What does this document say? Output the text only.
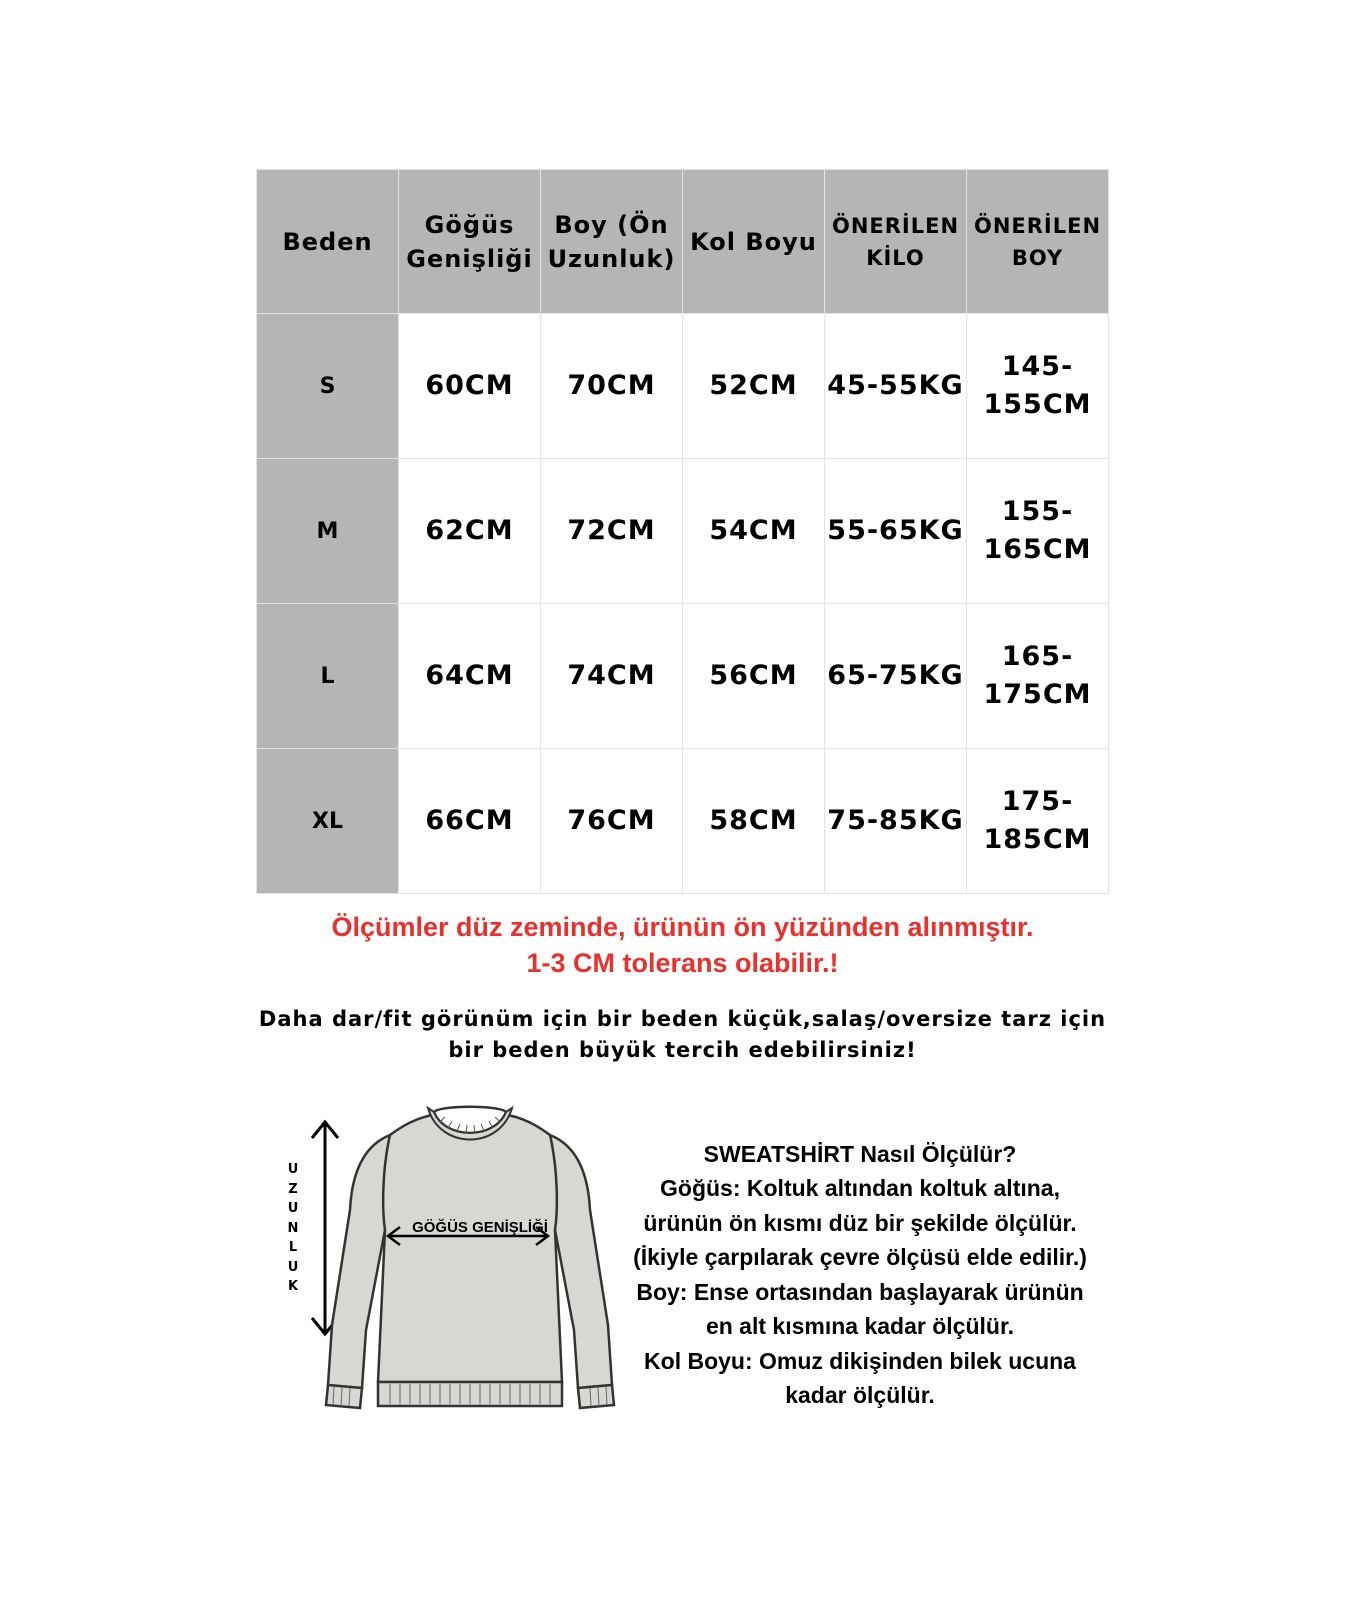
Beden	Göğüs Genişliği	Boy (Ön Uzunluk)	Kol Boyu	ÖNERİLEN KİLO	ÖNERİLEN BOY
S	60CM	70CM	52CM	45-55KG	145-155CM
M	62CM	72CM	54CM	55-65KG	155-165CM
L	64CM	74CM	56CM	65-75KG	165-175CM
XL	66CM	76CM	58CM	75-85KG	175-185CM
Ölçümler düz zeminde, ürünün ön yüzünden alınmıştır.
1-3 CM tolerans olabilir.!
Daha dar/fit görünüm için bir beden küçük,salaş/oversize tarz için
bir beden büyük tercih edebilirsiniz!
UZUNLUK
GÖĞÜS GENİŞLİĞİ
SWEATSHİRT Nasıl Ölçülür?
Göğüs: Koltuk altından koltuk altına,
ürünün ön kısmı düz bir şekilde ölçülür.
(İkiyle çarpılarak çevre ölçüsü elde edilir.)
Boy: Ense ortasından başlayarak ürünün
en alt kısmına kadar ölçülür.
Kol Boyu: Omuz dikişinden bilek ucuna
kadar ölçülür.
